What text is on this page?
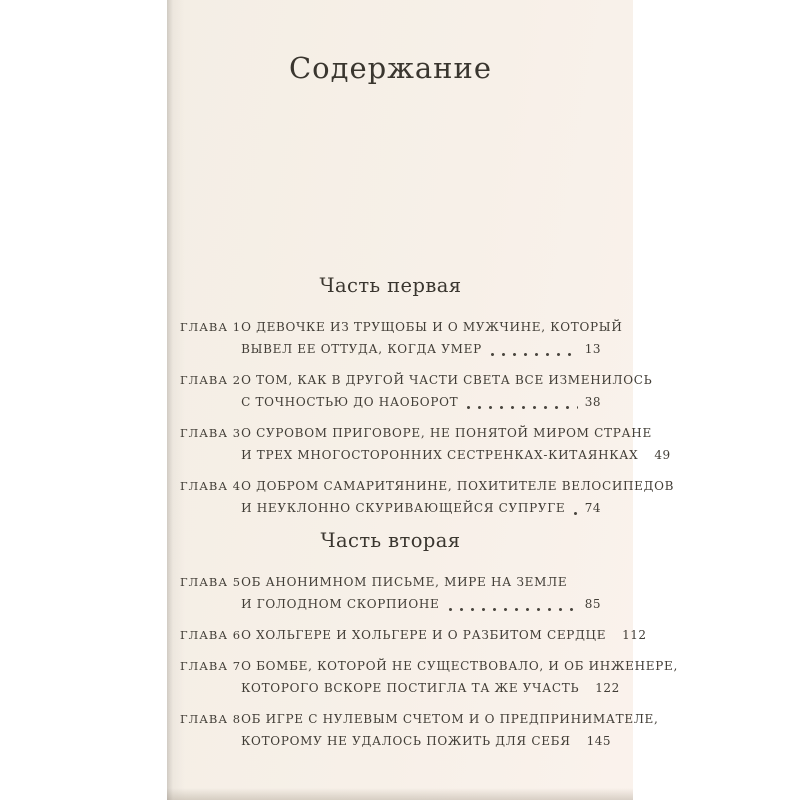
Содержание
Часть первая
ГЛАВА 1 О ДЕВОЧКЕ ИЗ ТРУЩОБЫ И О МУЖЧИНЕ, КОТОРЫЙ
ВЫВЕЛ ЕЕ ОТТУДА, КОГДА УМЕР	13
ГЛАВА 2 О ТОМ, КАК В ДРУГОЙ ЧАСТИ СВЕТА ВСЕ ИЗМЕНИЛОСЬ
С ТОЧНОСТЬЮ ДО НАОБОРОТ	38
ГЛАВА 3 О СУРОВОМ ПРИГОВОРЕ, НЕ ПОНЯТОЙ МИРОМ СТРАНЕ
И ТРЕХ МНОГОСТОРОННИХ СЕСТРЕНКАХ-КИТАЯНКАХ 49
ГЛАВА 4 О ДОБРОМ САМАРИТЯНИНЕ, ПОХИТИТЕЛЕ ВЕЛОСИПЕДОВ
И НЕУКЛОННО СКУРИВАЮЩЕЙСЯ СУПРУГЕ 74
Часть вторая
ГЛАВА 5 ОБ АНОНИМНОМ ПИСЬМЕ, МИРЕ НА ЗЕМЛЕ
И ГОЛОДНОМ СКОРПИОНЕ	85
ГЛАВА 6 О ХОЛЬГЕРЕ И ХОЛЬГЕРЕ И О РАЗБИТОМ СЕРДЦЕ 112
ГЛАВА 7 О БОМБЕ, КОТОРОЙ НЕ СУЩЕСТВОВАЛО, И ОБ ИНЖЕНЕРЕ,
КОТОРОГО ВСКОРЕ ПОСТИГЛА ТА ЖЕ УЧАСТЬ 122
ГЛАВА 8 ОБ ИГРЕ С НУЛЕВЫМ СЧЕТОМ И О ПРЕДПРИНИМАТЕЛЕ,
КОТОРОМУ НЕ УДАЛОСЬ ПОЖИТЬ ДЛЯ СЕБЯ 145
